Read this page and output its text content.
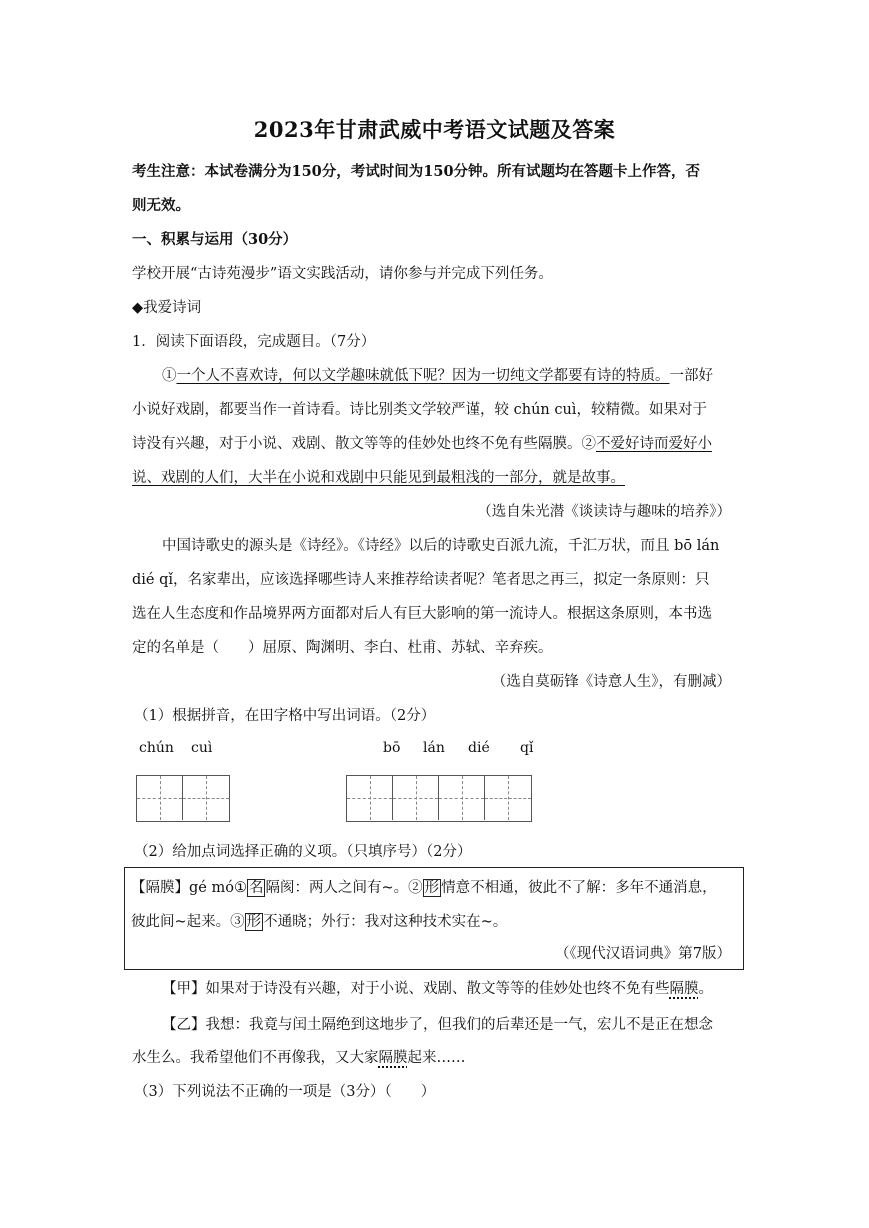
2023年甘肃武威中考语文试题及答案
考生注意：本试卷满分为150分，考试时间为150分钟。所有试题均在答题卡上作答，否
则无效。
一、积累与运用（30分）
学校开展“古诗苑漫步”语文实践活动，请你参与并完成下列任务。
◆我爱诗词
1．阅读下面语段，完成题目。（7分）
①一个人不喜欢诗，何以文学趣味就低下呢？因为一切纯文学都要有诗的特质。一部好
小说好戏剧，都要当作一首诗看。诗比别类文学较严谨，较 chún cuì，较精微。如果对于
诗没有兴趣，对于小说、戏剧、散文等等的佳妙处也终不免有些隔膜。②不爱好诗而爱好小
说、戏剧的人们，大半在小说和戏剧中只能见到最粗浅的一部分，就是故事。
（选自朱光潜《谈读诗与趣味的培养》）
中国诗歌史的源头是《诗经》。《诗经》以后的诗歌史百派九流，千汇万状，而且 bō lán
dié qǐ，名家辈出，应该选择哪些诗人来推荐给读者呢？笔者思之再三，拟定一条原则：只
选在人生态度和作品境界两方面都对后人有巨大影响的第一流诗人。根据这条原则，本书选
定的名单是（　　）屈原、陶渊明、李白、杜甫、苏轼、辛弃疾。
（选自莫砺锋《诗意人生》，有删减）
（1）根据拼音，在田字格中写出词语。（2分）
chún cuì	bō lán dié qǐ
（2）给加点词选择正确的义项。（只填序号）（2分）
【隔膜】gé mó① 名 隔阂：两人之间有~。② 形 情意不相通，彼此不了解：多年不通消息，
彼此间~起来。③ 形 不通晓；外行：我对这种技术实在~。
（《现代汉语词典》第7版）
【甲】如果对于诗没有兴趣，对于小说、戏剧、散文等等的佳妙处也终不免有些隔膜。
【乙】我想：我竟与闰土隔绝到这地步了，但我们的后辈还是一气，宏儿不是正在想念
水生么。我希望他们不再像我，又大家隔膜起来……
（3）下列说法不正确的一项是（3分）（　　）
